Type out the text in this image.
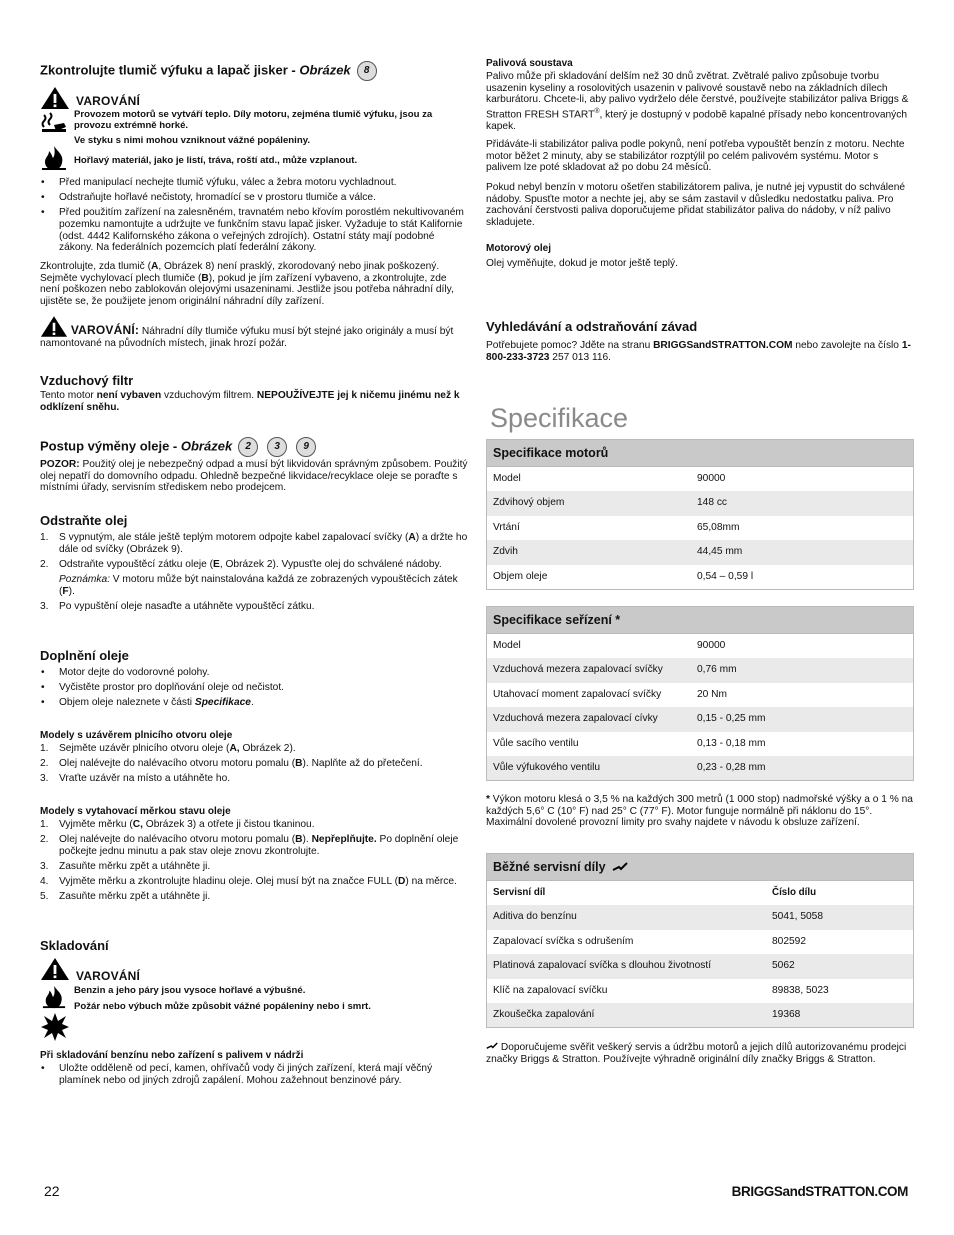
Zkontrolujte tlumič výfuku a lapač jisker - Obrázek 8
VAROVÁNÍ
Provozem motorů se vytváří teplo. Díly motoru, zejména tlumič výfuku, jsou za provozu extrémně horké.
Ve styku s nimi mohou vzniknout vážné popáleniny.
Hořlavý materiál, jako je listí, tráva, roští atd., může vzplanout.
• Před manipulací nechejte tlumič výfuku, válec a žebra motoru vychladnout.
• Odstraňujte hořlavé nečistoty, hromadící se v prostoru tlumiče a válce.
• Před použitím zařízení na zalesněném, travnatém nebo křovím porostlém nekultivovaném pozemku namontujte a udržujte ve funkčním stavu lapač jisker. Vyžaduje to stát Kalifornie (odst. 4442 Kalifornského zákona o veřejných zdrojích). Ostatní státy mají podobné zákony. Na federálních pozemcích platí federální zákony.
Zkontrolujte, zda tlumič (A, Obrázek 8) není prasklý, zkorodovaný nebo jinak poškozený. Sejměte vychylovací plech tlumiče (B), pokud je jím zařízení vybaveno, a zkontrolujte, zde není poškozen nebo zablokován olejovými usazeninami. Jestliže jsou potřeba náhradní díly, ujistěte se, že použijete jenom originální náhradní díly zařízení.
VAROVÁNÍ: Náhradní díly tlumiče výfuku musí být stejné jako originály a musí být namontované na původních místech, jinak hrozí požár.
Vzduchový filtr
Tento motor není vybaven vzduchovým filtrem. NEPOUŽÍVEJTE jej k ničemu jinému než k odklízení sněhu.
Postup výměny oleje - Obrázek 2 3 9
POZOR: Použitý olej je nebezpečný odpad a musí být likvidován správným způsobem. Použitý olej nepatří do domovního odpadu. Ohledně bezpečné likvidace/recyklace oleje se poraďte s místními úřady, servisním střediskem nebo prodejcem.
Odstraňte olej
1. S vypnutým, ale stále ještě teplým motorem odpojte kabel zapalovací svíčky (A) a držte ho dále od svíčky (Obrázek 9).
2. Odstraňte vypouštěcí zátku oleje (E, Obrázek 2). Vypusťte olej do schválené nádoby.
Poznámka: V motoru může být nainstalována každá ze zobrazených vypouštěcích zátek (F).
3. Po vypuštění oleje nasaďte a utáhněte vypouštěcí zátku.
Doplnění oleje
• Motor dejte do vodorovné polohy.
• Vyčistěte prostor pro doplňování oleje od nečistot.
• Objem oleje naleznete v části Specifikace.
Modely s uzávěrem plnicího otvoru oleje
1. Sejměte uzávěr plnicího otvoru oleje (A, Obrázek 2).
2. Olej nalévejte do nalévacího otvoru motoru pomalu (B). Naplňte až do přetečení.
3. Vraťte uzávěr na místo a utáhněte ho.
Modely s vytahovací měrkou stavu oleje
1. Vyjměte měrku (C, Obrázek 3) a otřete ji čistou tkaninou.
2. Olej nalévejte do nalévacího otvoru motoru pomalu (B). Nepřeplňujte. Po doplnění oleje počkejte jednu minutu a pak stav oleje znovu zkontrolujte.
3. Zasuňte měrku zpět a utáhněte ji.
4. Vyjměte měrku a zkontrolujte hladinu oleje. Olej musí být na značce FULL (D) na měrce.
5. Zasuňte měrku zpět a utáhněte ji.
Skladování
VAROVÁNÍ
Benzin a jeho páry jsou vysoce hořlavé a výbušné.
Požár nebo výbuch může způsobit vážné popáleniny nebo i smrt.
Při skladování benzínu nebo zařízení s palivem v nádrži
• Uložte odděleně od pecí, kamen, ohřívačů vody či jiných zařízení, která mají věčný plamínek nebo od jiných zdrojů zapálení. Mohou zažehnout benzinové páry.
Palivová soustava
Palivo může při skladování delším než 30 dnů zvětrat. Zvětralé palivo způsobuje tvorbu usazenin kyseliny a rosolovitých usazenin v palivové soustavě nebo na základních dílech karburátoru. Chcete-li, aby palivo vydrželo déle čerstvé, používejte stabilizátor paliva Briggs & Stratton FRESH START®, který je dostupný v podobě kapalné přísady nebo koncentrovaných kapek.
Přidáváte-li stabilizátor paliva podle pokynů, není potřeba vypouštět benzín z motoru. Nechte motor běžet 2 minuty, aby se stabilizátor rozptýlil po celém palivovém systému. Motor s palivem lze poté skladovat až po dobu 24 měsíců.
Pokud nebyl benzín v motoru ošetřen stabilizátorem paliva, je nutné jej vypustit do schválené nádoby. Spusťte motor a nechte jej, aby se sám zastavil v důsledku nedostatku paliva. Pro zachování čerstvosti paliva doporučujeme přidat stabilizátor paliva do nádoby, v níž palivo skladujete.
Motorový olej
Olej vyměňujte, dokud je motor ještě teplý.
Vyhledávání a odstraňování závad
Potřebujete pomoc? Jděte na stranu BRIGGSandSTRATTON.COM nebo zavolejte na číslo 1-800-233-3723 257 013 116.
Specifikace
Specifikace motorů
Model	90000
Zdvihový objem	148 cc
Vrtání	65,08mm
Zdvih	44,45 mm
Objem oleje	0,54 – 0,59 l
Specifikace seřízení *
Model	90000
Vzduchová mezera zapalovací svíčky	0,76 mm
Utahovací moment zapalovací svíčky	20 Nm
Vzduchová mezera zapalovací cívky	0,15 - 0,25 mm
Vůle sacího ventilu	0,13 - 0,18 mm
Vůle výfukového ventilu	0,23 - 0,28 mm
* Výkon motoru klesá o 3,5 % na každých 300 metrů (1 000 stop) nadmořské výšky a o 1 % na každých 5,6° C (10° F) nad 25° C (77° F). Motor funguje normálně při náklonu do 15°. Maximální dovolené provozní limity pro svahy najdete v návodu k obsluze zařízení.
Běžné servisní díly
Servisní díl	Číslo dílu
Aditiva do benzínu	5041, 5058
Zapalovací svíčka s odrušením	802592
Platinová zapalovací svíčka s dlouhou životností	5062
Klíč na zapalovací svíčku	89838, 5023
Zkoušečka zapalování	19368
Doporučujeme svěřit veškerý servis a údržbu motorů a jejich dílů autorizovanému prodejci značky Briggs & Stratton. Používejte výhradně originální díly značky Briggs & Stratton.
22	BRIGGSandSTRATTON.COM
